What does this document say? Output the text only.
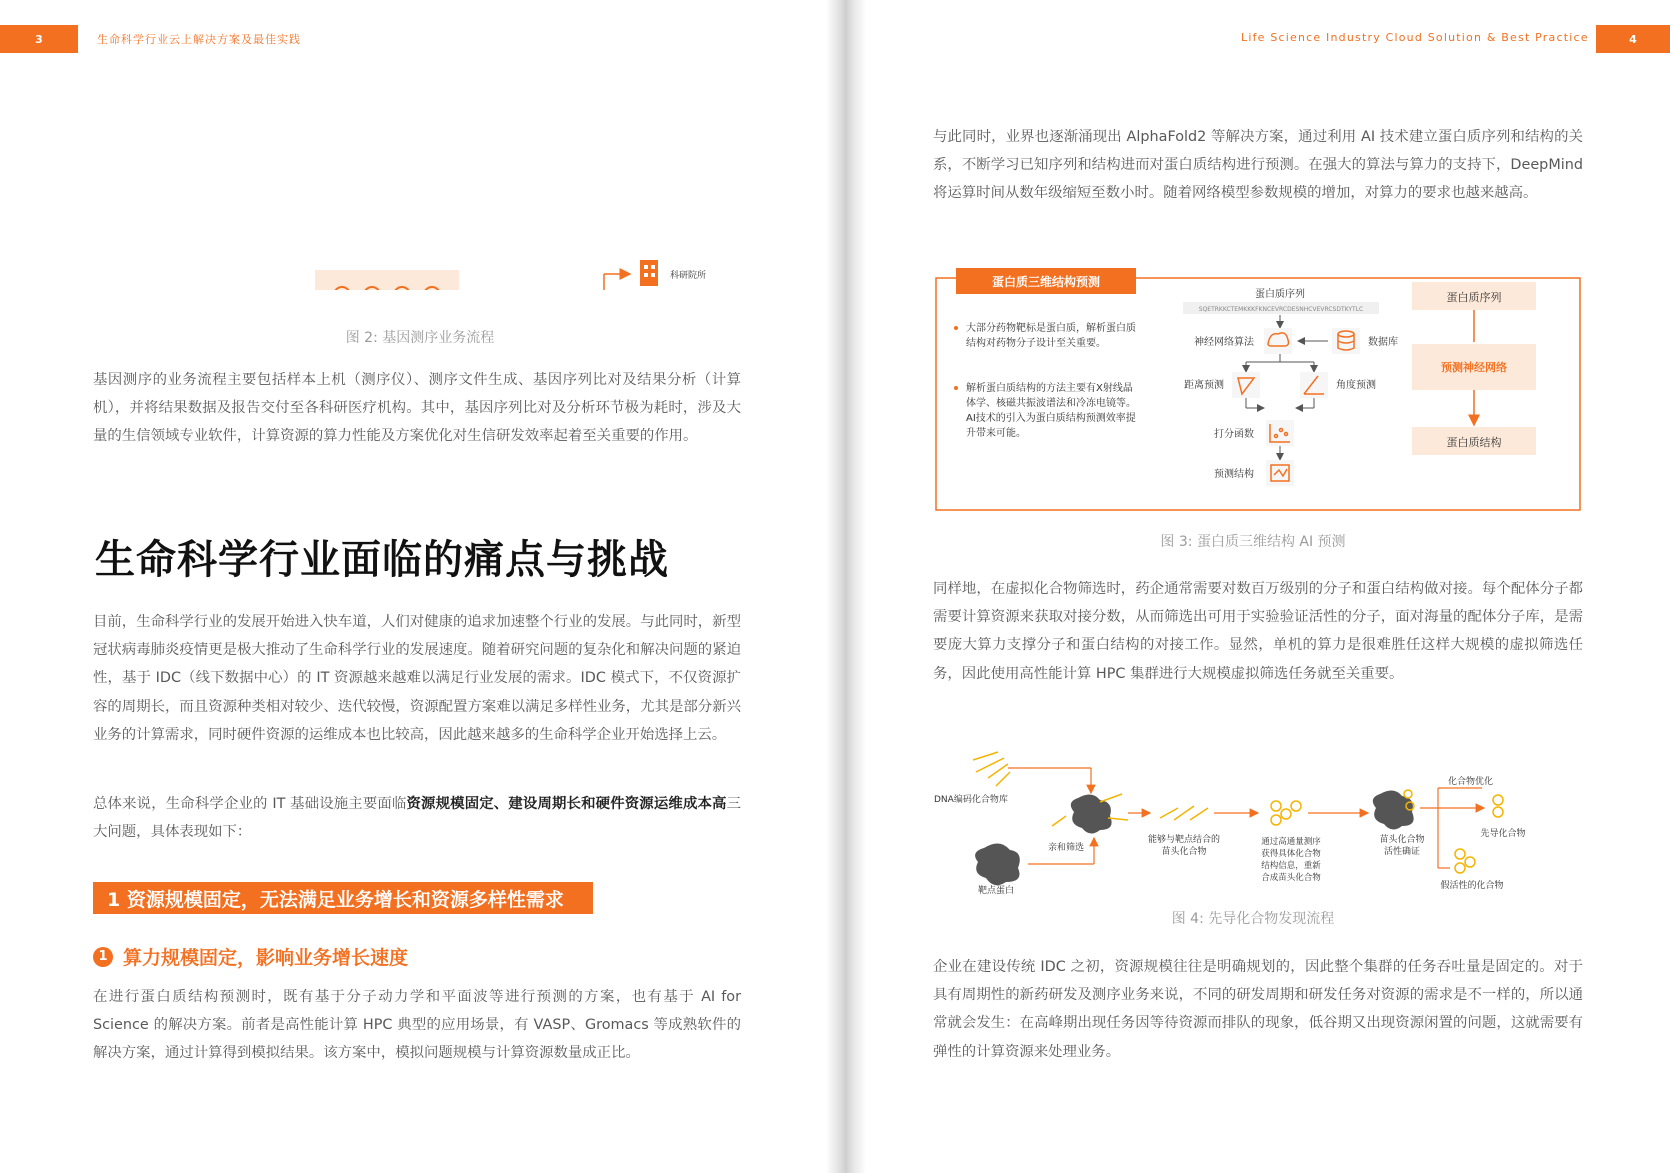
3	生命科学行业云上解决方案及最佳实践
科研院所
图 2: 基因测序业务流程
基因测序的业务流程主要包括样本上机（测序仪）、测序文件生成、基因序列比对及结果分析（计算机），并将结果数据及报告交付至各科研医疗机构。其中，基因序列比对及分析环节极为耗时，涉及大量的生信领域专业软件，计算资源的算力性能及方案优化对生信研发效率起着至关重要的作用。
生命科学行业面临的痛点与挑战
目前，生命科学行业的发展开始进入快车道，人们对健康的追求加速整个行业的发展。与此同时，新型冠状病毒肺炎疫情更是极大推动了生命科学行业的发展速度。随着研究问题的复杂化和解决问题的紧迫性，基于 IDC（线下数据中心）的 IT 资源越来越难以满足行业发展的需求。IDC 模式下，不仅资源扩容的周期长，而且资源种类相对较少、迭代较慢，资源配置方案难以满足多样性业务，尤其是部分新兴业务的计算需求，同时硬件资源的运维成本也比较高，因此越来越多的生命科学企业开始选择上云。
总体来说，生命科学企业的 IT 基础设施主要面临资源规模固定、建设周期长和硬件资源运维成本高三大问题，具体表现如下：
1 资源规模固定，无法满足业务增长和资源多样性需求
1 算力规模固定，影响业务增长速度
在进行蛋白质结构预测时，既有基于分子动力学和平面波等进行预测的方案，也有基于 AI for Science 的解决方案。前者是高性能计算 HPC 典型的应用场景，有 VASP、Gromacs 等成熟软件的解决方案，通过计算得到模拟结果。该方案中，模拟问题规模与计算资源数量成正比。
Life Science Industry Cloud Solution & Best Practice	4
与此同时，业界也逐渐涌现出 AlphaFold2 等解决方案，通过利用 AI 技术建立蛋白质序列和结构的关系，不断学习已知序列和结构进而对蛋白质结构进行预测。在强大的算法与算力的支持下，DeepMind 将运算时间从数年级缩短至数小时。随着网络模型参数规模的增加，对算力的要求也越来越高。
蛋白质三维结构预测
大部分药物靶标是蛋白质，解析蛋白质
结构对药物分子设计至关重要。
解析蛋白质结构的方法主要有X射线晶
体学、核磁共振波谱法和冷冻电镜等。
AI技术的引入为蛋白质结构预测效率提
升带来可能。
蛋白质序列
SQETRKKCTEMKKKFKNCEVRCDESNHCVEVRCSDTKYTLC
神经网络算法	数据库
距离预测	角度预测
打分函数
预测结构
蛋白质序列
预测神经网络
蛋白质结构
图 3: 蛋白质三维结构 AI 预测
同样地，在虚拟化合物筛选时，药企通常需要对数百万级别的分子和蛋白结构做对接。每个配体分子都需要计算资源来获取对接分数，从而筛选出可用于实验验证活性的分子，面对海量的配体分子库，是需要庞大算力支撑分子和蛋白结构的对接工作。显然，单机的算力是很难胜任这样大规模的虚拟筛选任务，因此使用高性能计算 HPC 集群进行大规模虚拟筛选任务就至关重要。
DNA编码化合物库
亲和筛选
靶点蛋白
能够与靶点结合的
苗头化合物
通过高通量测序
获得具体化合物
结构信息，重新
合成苗头化合物
苗头化合物
活性确证
化合物优化
先导化合物
假活性的化合物
图 4: 先导化合物发现流程
企业在建设传统 IDC 之初，资源规模往往是明确规划的，因此整个集群的任务吞吐量是固定的。对于具有周期性的新药研发及测序业务来说，不同的研发周期和研发任务对资源的需求是不一样的，所以通常就会发生：在高峰期出现任务因等待资源而排队的现象，低谷期又出现资源闲置的问题，这就需要有弹性的计算资源来处理业务。
